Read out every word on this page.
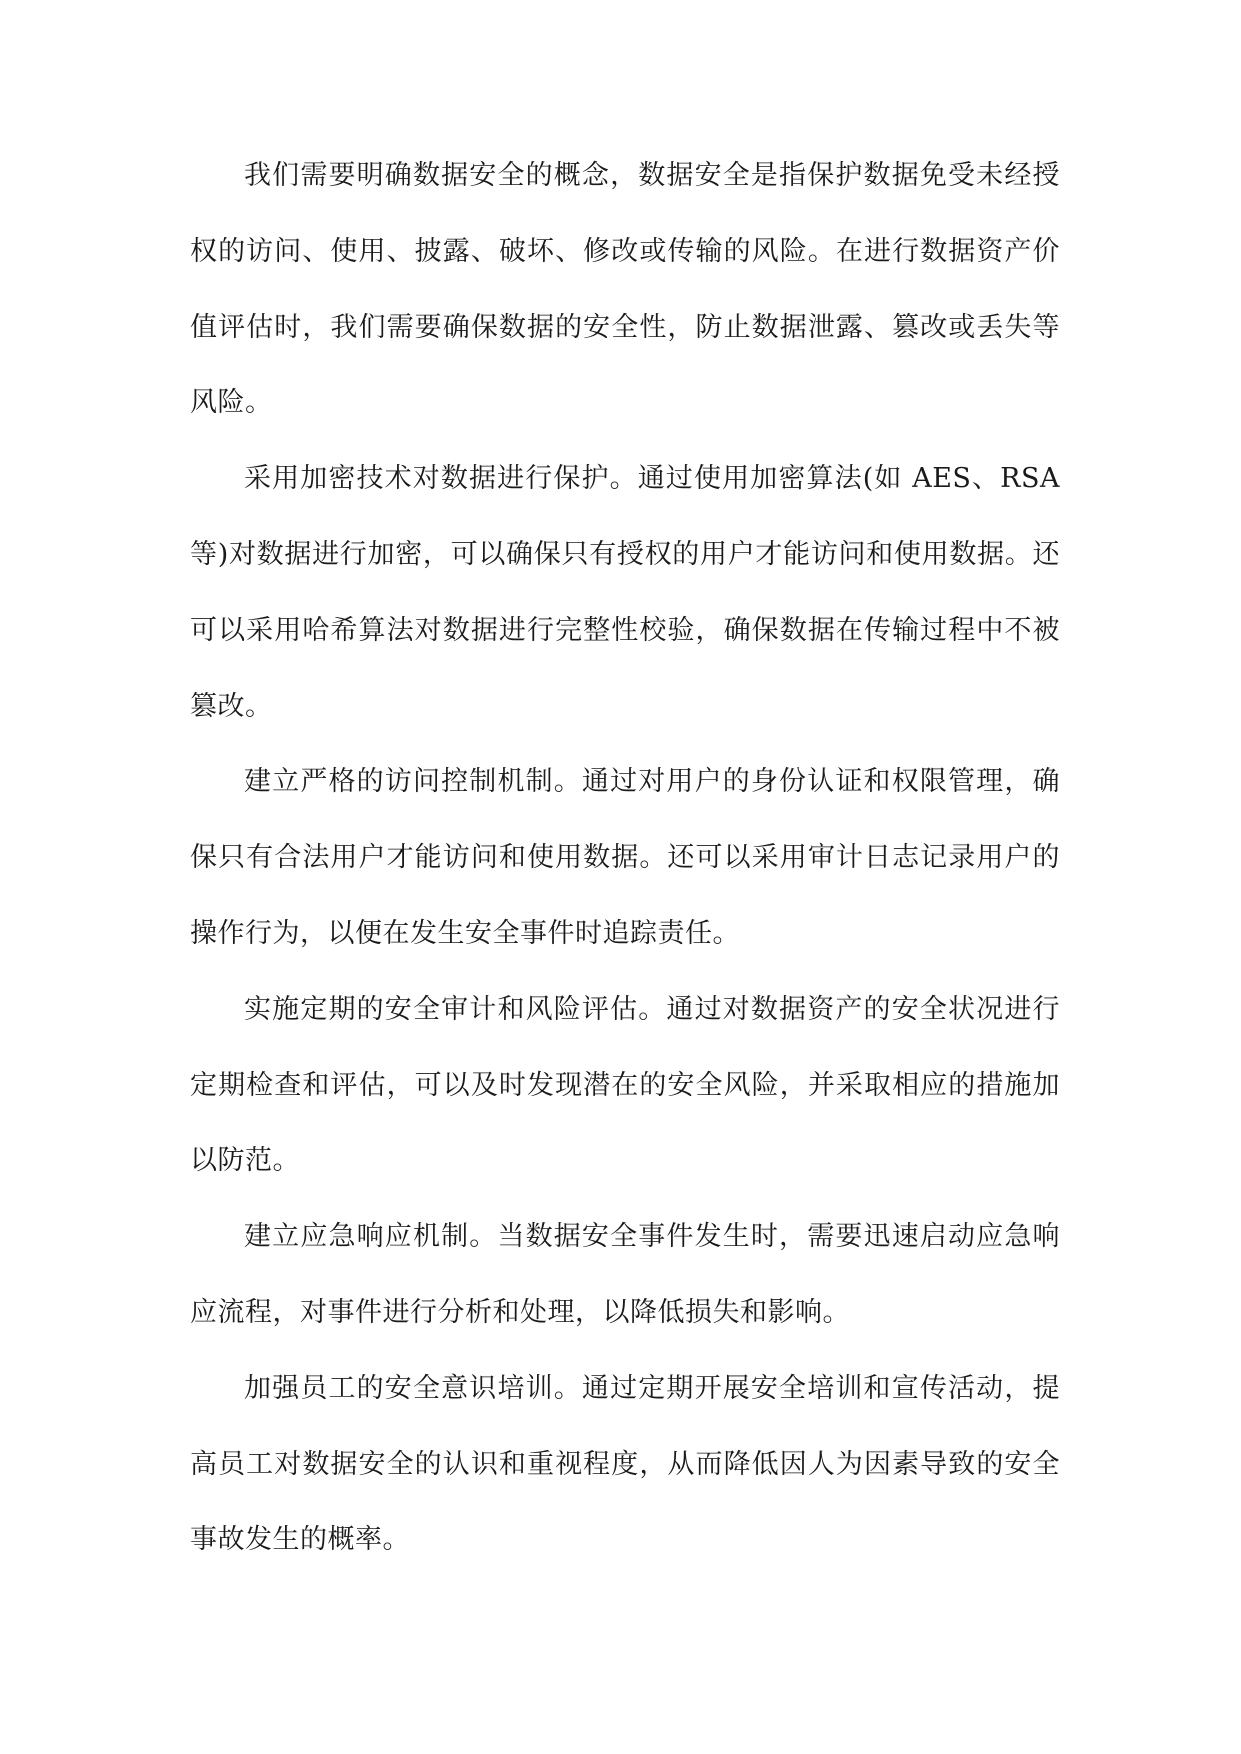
我们需要明确数据安全的概念，数据安全是指保护数据免受未经授权的访问、使用、披露、破坏、修改或传输的风险。在进行数据资产价值评估时，我们需要确保数据的安全性，防止数据泄露、篡改或丢失等风险。

采用加密技术对数据进行保护。通过使用加密算法(如 AES、RSA 等)对数据进行加密，可以确保只有授权的用户才能访问和使用数据。还可以采用哈希算法对数据进行完整性校验，确保数据在传输过程中不被篡改。

建立严格的访问控制机制。通过对用户的身份认证和权限管理，确保只有合法用户才能访问和使用数据。还可以采用审计日志记录用户的操作行为，以便在发生安全事件时追踪责任。

实施定期的安全审计和风险评估。通过对数据资产的安全状况进行定期检查和评估，可以及时发现潜在的安全风险，并采取相应的措施加以防范。

建立应急响应机制。当数据安全事件发生时，需要迅速启动应急响应流程，对事件进行分析和处理，以降低损失和影响。

加强员工的安全意识培训。通过定期开展安全培训和宣传活动，提高员工对数据安全的认识和重视程度，从而降低因人为因素导致的安全事故发生的概率。
